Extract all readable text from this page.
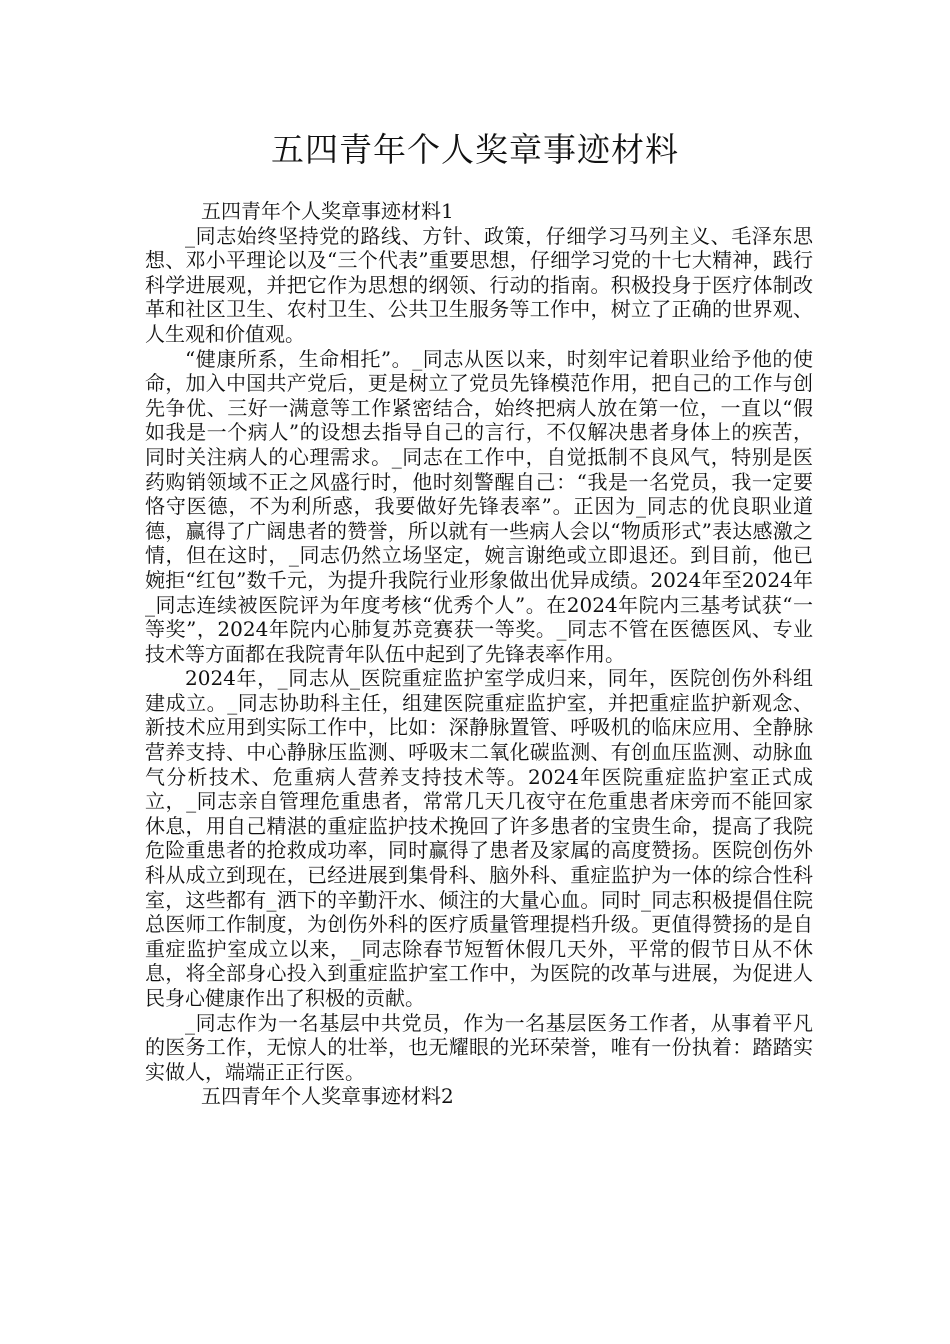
五四青年个人奖章事迹材料

五四青年个人奖章事迹材料1

_同志始终坚持党的路线、方针、政策，仔细学习马列主义、毛泽东思想、邓小平理论以及“三个代表”重要思想，仔细学习党的十七大精神，践行科学进展观，并把它作为思想的纲领、行动的指南。积极投身于医疗体制改革和社区卫生、农村卫生、公共卫生服务等工作中，树立了正确的世界观、人生观和价值观。

“健康所系，生命相托”。_同志从医以来，时刻牢记着职业给予他的使命，加入中国共产党后，更是树立了党员先锋模范作用，把自己的工作与创先争优、三好一满意等工作紧密结合，始终把病人放在第一位，一直以“假如我是一个病人”的设想去指导自己的言行，不仅解决患者身体上的疾苦，同时关注病人的心理需求。_同志在工作中，自觉抵制不良风气，特别是医药购销领域不正之风盛行时，他时刻警醒自己：“我是一名党员，我一定要恪守医德，不为利所惑，我要做好先锋表率”。正因为_同志的优良职业道德，赢得了广阔患者的赞誉，所以就有一些病人会以“物质形式”表达感激之情，但在这时，_同志仍然立场坚定，婉言谢绝或立即退还。到目前，他已婉拒“红包”数千元，为提升我院行业形象做出优异成绩。2024年至2024年_同志连续被医院评为年度考核“优秀个人”。在2024年院内三基考试获“一等奖”，2024年院内心肺复苏竞赛获一等奖。_同志不管在医德医风、专业技术等方面都在我院青年队伍中起到了先锋表率作用。

2024年，_同志从_医院重症监护室学成归来，同年，医院创伤外科组建成立。_同志协助科主任，组建医院重症监护室，并把重症监护新观念、新技术应用到实际工作中，比如：深静脉置管、呼吸机的临床应用、全静脉营养支持、中心静脉压监测、呼吸末二氧化碳监测、有创血压监测、动脉血气分析技术、危重病人营养支持技术等。2024年医院重症监护室正式成立，_同志亲自管理危重患者，常常几天几夜守在危重患者床旁而不能回家休息，用自己精湛的重症监护技术挽回了许多患者的宝贵生命，提高了我院危险重患者的抢救成功率，同时赢得了患者及家属的高度赞扬。医院创伤外科从成立到现在，已经进展到集骨科、脑外科、重症监护为一体的综合性科室，这些都有_洒下的辛勤汗水、倾注的大量心血。同时_同志积极提倡住院总医师工作制度，为创伤外科的医疗质量管理提档升级。更值得赞扬的是自重症监护室成立以来，_同志除春节短暂休假几天外，平常的假节日从不休息，将全部身心投入到重症监护室工作中，为医院的改革与进展，为促进人民身心健康作出了积极的贡献。

_同志作为一名基层中共党员，作为一名基层医务工作者，从事着平凡的医务工作，无惊人的壮举，也无耀眼的光环荣誉，唯有一份执着：踏踏实实做人，端端正正行医。

五四青年个人奖章事迹材料2
